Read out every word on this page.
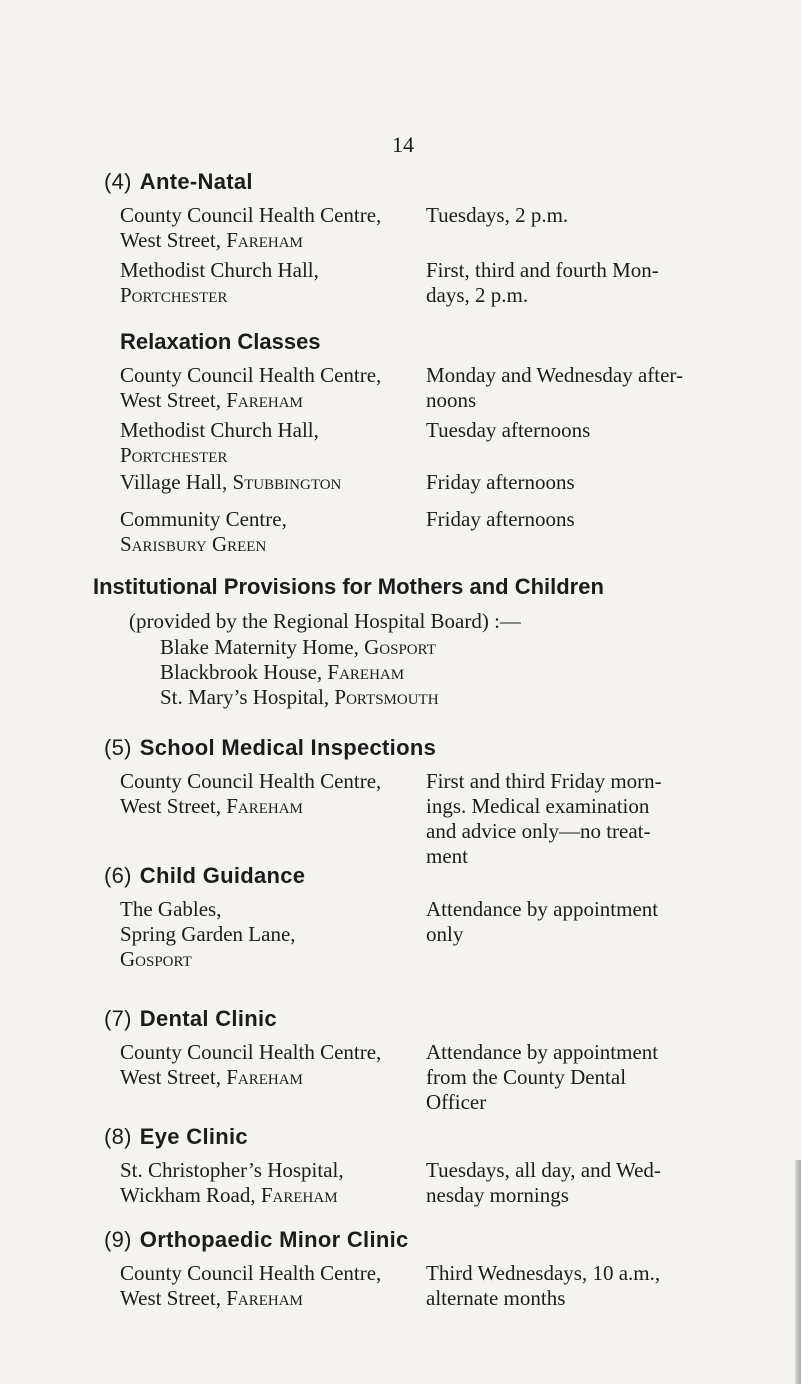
14
(4) Ante-Natal
County Council Health Centre,
West Street, Fareham
Tuesdays, 2 p.m.
Methodist Church Hall,
Portchester
First, third and fourth Mon-
days, 2 p.m.
Relaxation Classes
County Council Health Centre,
West Street, Fareham
Monday and Wednesday after-
noons
Methodist Church Hall,
Portchester
Tuesday afternoons
Village Hall, Stubbington	Friday afternoons
Community Centre,
Sarisbury Green
Friday afternoons
Institutional Provisions for Mothers and Children
(provided by the Regional Hospital Board) :—
Blake Maternity Home, Gosport
Blackbrook House, Fareham
St. Mary’s Hospital, Portsmouth
(5) School Medical Inspections
County Council Health Centre,
West Street, Fareham
First and third Friday morn-
ings. Medical examination
and advice only—no treat-
ment
(6) Child Guidance
The Gables,
Spring Garden Lane,
Gosport
Attendance by appointment
only
(7) Dental Clinic
County Council Health Centre,
West Street, Fareham
Attendance by appointment
from the County Dental
Officer
(8) Eye Clinic
St. Christopher’s Hospital,
Wickham Road, Fareham
Tuesdays, all day, and Wed-
nesday mornings
(9) Orthopaedic Minor Clinic
County Council Health Centre,
West Street, Fareham
Third Wednesdays, 10 a.m.,
alternate months
